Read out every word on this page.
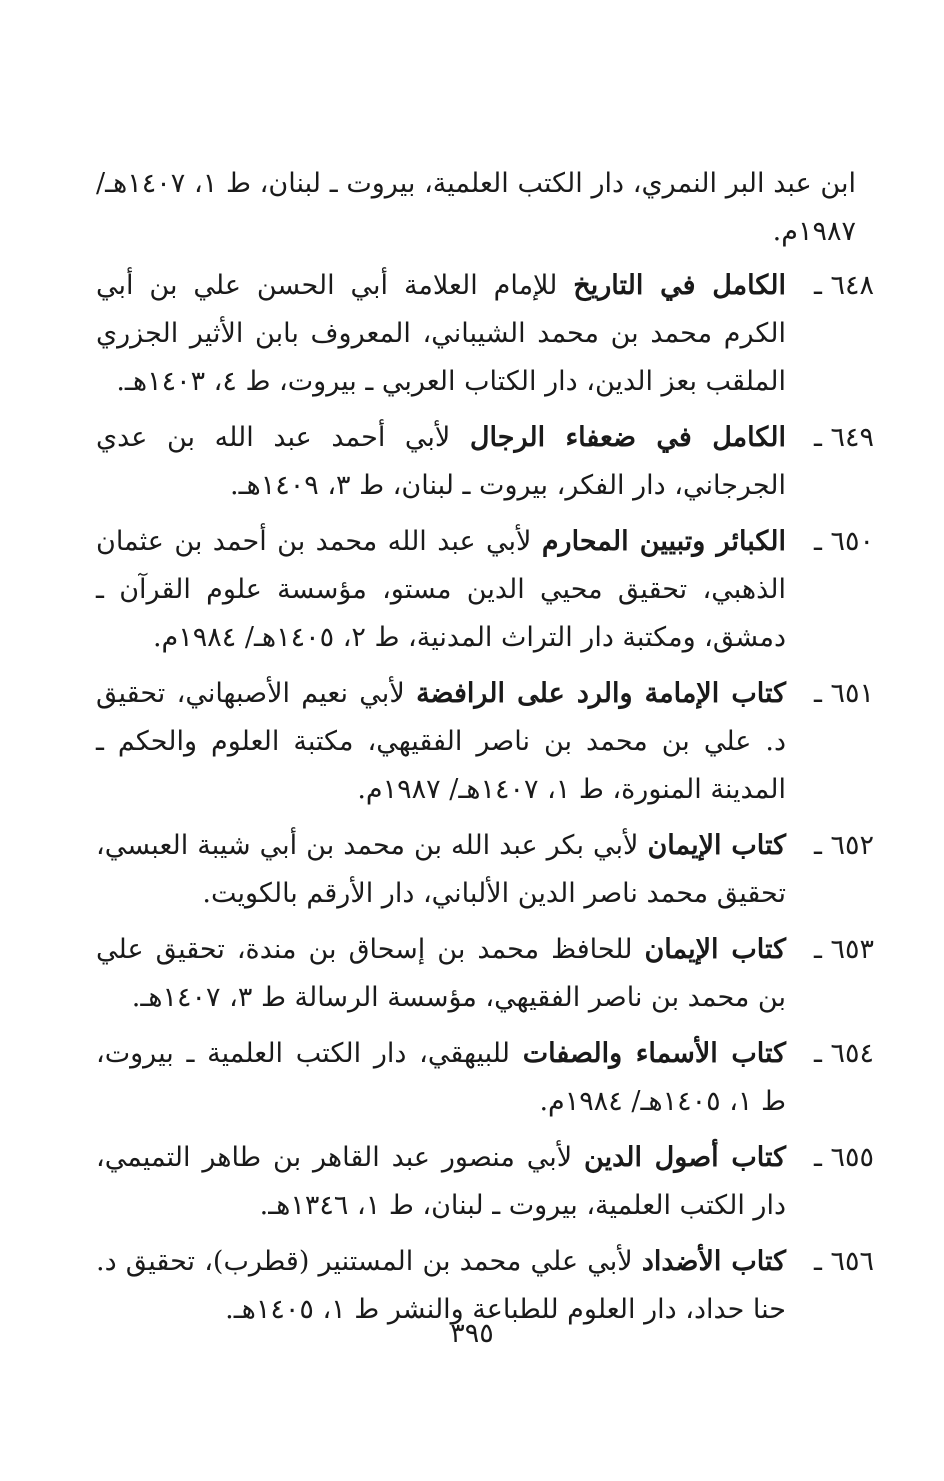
ابن عبد البر النمري، دار الكتب العلمية، بيروت ـ لبنان، ط ١، ١٤٠٧هـ/ ١٩٨٧م.
٦٤٨ ـ
الكامل في التاريخ للإمام العلامة أبي الحسن علي بن أبي الكرم محمد بن محمد الشيباني، المعروف بابن الأثير الجزري الملقب بعز الدين، دار الكتاب العربي ـ بيروت، ط ٤، ١٤٠٣هـ.
٦٤٩ ـ
الكامل في ضعفاء الرجال لأبي أحمد عبد الله بن عدي الجرجاني، دار الفكر، بيروت ـ لبنان، ط ٣، ١٤٠٩هـ.
٦٥٠ ـ
الكبائر وتبيين المحارم لأبي عبد الله محمد بن أحمد بن عثمان الذهبي، تحقيق محيي الدين مستو، مؤسسة علوم القرآن ـ دمشق، ومكتبة دار التراث المدنية، ط ٢، ١٤٠٥هـ/ ١٩٨٤م.
٦٥١ ـ
كتاب الإمامة والرد على الرافضة لأبي نعيم الأصبهاني، تحقيق د. علي بن محمد بن ناصر الفقيهي، مكتبة العلوم والحكم ـ المدينة المنورة، ط ١، ١٤٠٧هـ/ ١٩٨٧م.
٦٥٢ ـ
كتاب الإيمان لأبي بكر عبد الله بن محمد بن أبي شيبة العبسي، تحقيق محمد ناصر الدين الألباني، دار الأرقم بالكويت.
٦٥٣ ـ
كتاب الإيمان للحافظ محمد بن إسحاق بن مندة، تحقيق علي بن محمد بن ناصر الفقيهي، مؤسسة الرسالة ط ٣، ١٤٠٧هـ.
٦٥٤ ـ
كتاب الأسماء والصفات للبيهقي، دار الكتب العلمية ـ بيروت، ط ١، ١٤٠٥هـ/ ١٩٨٤م.
٦٥٥ ـ
كتاب أصول الدين لأبي منصور عبد القاهر بن طاهر التميمي، دار الكتب العلمية، بيروت ـ لبنان، ط ١، ١٣٤٦هـ.
٦٥٦ ـ
كتاب الأضداد لأبي علي محمد بن المستنير (قطرب)، تحقيق د. حنا حداد، دار العلوم للطباعة والنشر ط ١، ١٤٠٥هـ.
٣٩٥
